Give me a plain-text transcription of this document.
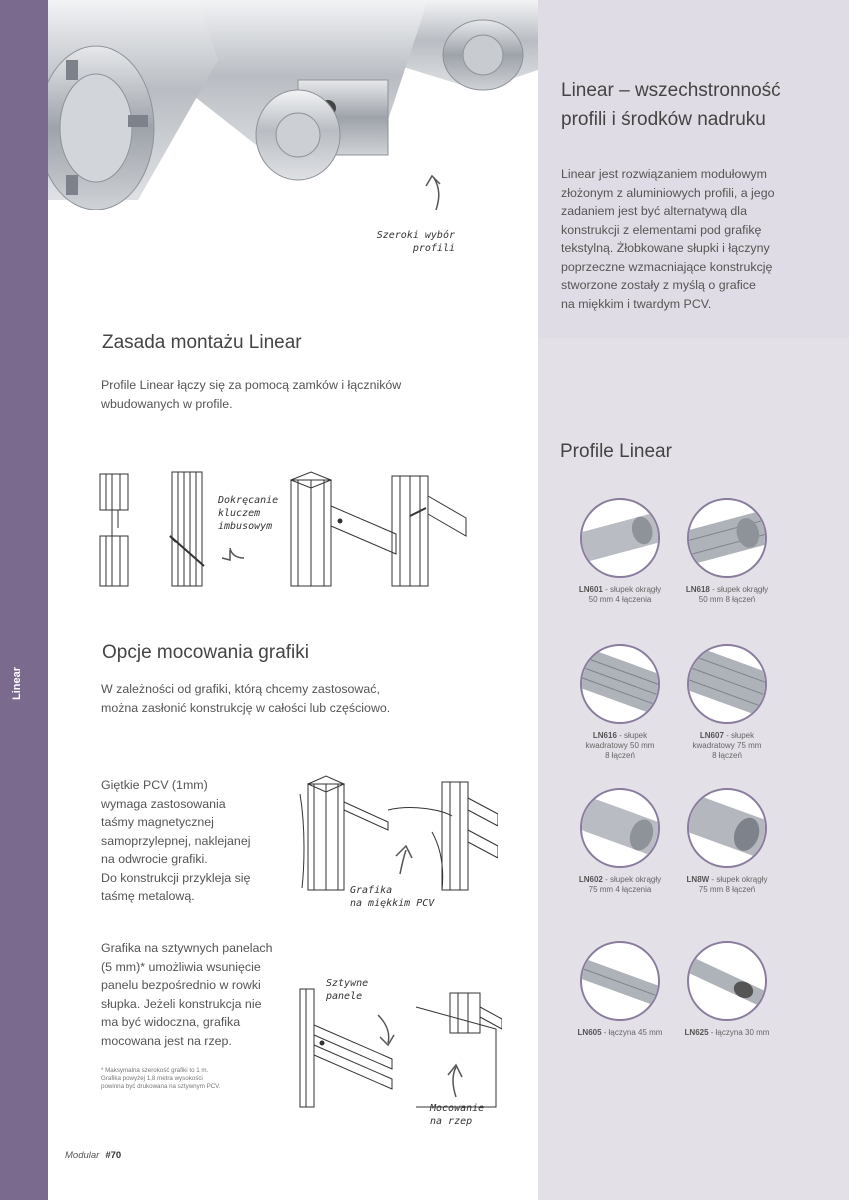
Linear
Szeroki wybór
profili
Linear – wszechstronność
profili i środków nadruku
Linear jest rozwiązaniem modułowym
złożonym z aluminiowych profili, a jego
zadaniem jest być alternatywą dla
konstrukcji z elementami pod grafikę
tekstylną. Żłobkowane słupki i łączyny
poprzeczne wzmacniające konstrukcję
stworzone zostały z myślą o grafice
na miękkim i twardym PCV.
Zasada montażu Linear
Profile Linear łączy się za pomocą zamków i łączników
wbudowanych w profile.
Dokręcanie
kluczem
imbusowym
Opcje mocowania grafiki
W zależności od grafiki, którą chcemy zastosować,
można zasłonić konstrukcję w całości lub częściowo.
Giętkie PCV (1mm)
wymaga zastosowania
taśmy magnetycznej
samoprzylepnej, naklejanej
na odwrocie grafiki.
Do konstrukcji przykleja się
taśmę metalową.	Grafika
na miękkim PCV
Grafika na sztywnych panelach
(5 mm)* umożliwia wsunięcie
panelu bezpośrednio w rowki
słupka. Jeżeli konstrukcja nie
ma być widoczna, grafika
mocowana jest na rzep.
* Maksymalna szerokość grafiki to 1 m.
Grafika powyżej 1,8 metra wysokości
powinna być drukowana na sztywnym PCV.
Sztywne
panele
Mocowanie
na rzep
Profile Linear
LN601 - słupek okrągły
50 mm 4 łączenia
LN618 - słupek okrągły
50 mm 8 łączeń
LN616 - słupek
kwadratowy 50 mm
8 łączeń
LN607 - słupek
kwadratowy 75 mm
8 łączeń
LN602 - słupek okrągły
75 mm 4 łączenia
LN8W - słupek okrągły
75 mm 8 łączeń
LN605 - łączyna 45 mm	LN625 - łączyna 30 mm
Modular #70
